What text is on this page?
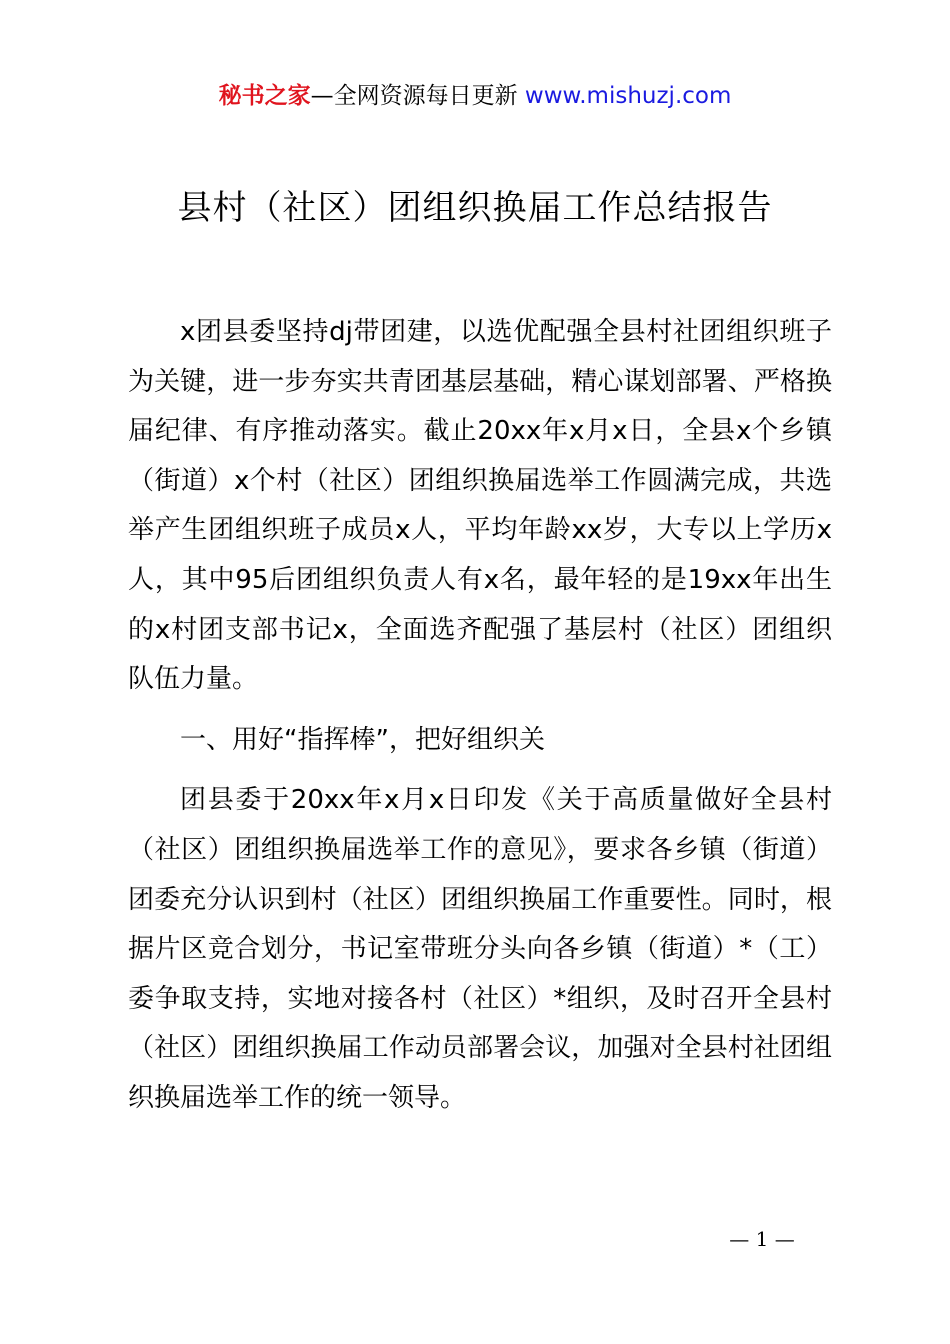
秘书之家—全网资源每日更新 www.mishuzj.com
县村（社区）团组织换届工作总结报告

x团县委坚持dj带团建，以选优配强全县村社团组织班子为关键，进一步夯实共青团基层基础，精心谋划部署、严格换届纪律、有序推动落实。截止20xx年x月x日，全县x个乡镇（街道）x个村（社区）团组织换届选举工作圆满完成，共选举产生团组织班子成员x人，平均年龄xx岁，大专以上学历x人，其中95后团组织负责人有x名，最年轻的是19xx年出生的x村团支部书记x，全面选齐配强了基层村（社区）团组织队伍力量。

一、用好“指挥棒”，把好组织关

团县委于20xx年x月x日印发《关于高质量做好全县村（社区）团组织换届选举工作的意见》，要求各乡镇（街道）团委充分认识到村（社区）团组织换届工作重要性。同时，根据片区竞合划分，书记室带班分头向各乡镇（街道）*（工）委争取支持，实地对接各村（社区）*组织，及时召开全县村（社区）团组织换届工作动员部署会议，加强对全县村社团组织换届选举工作的统一领导。

— 1 —
